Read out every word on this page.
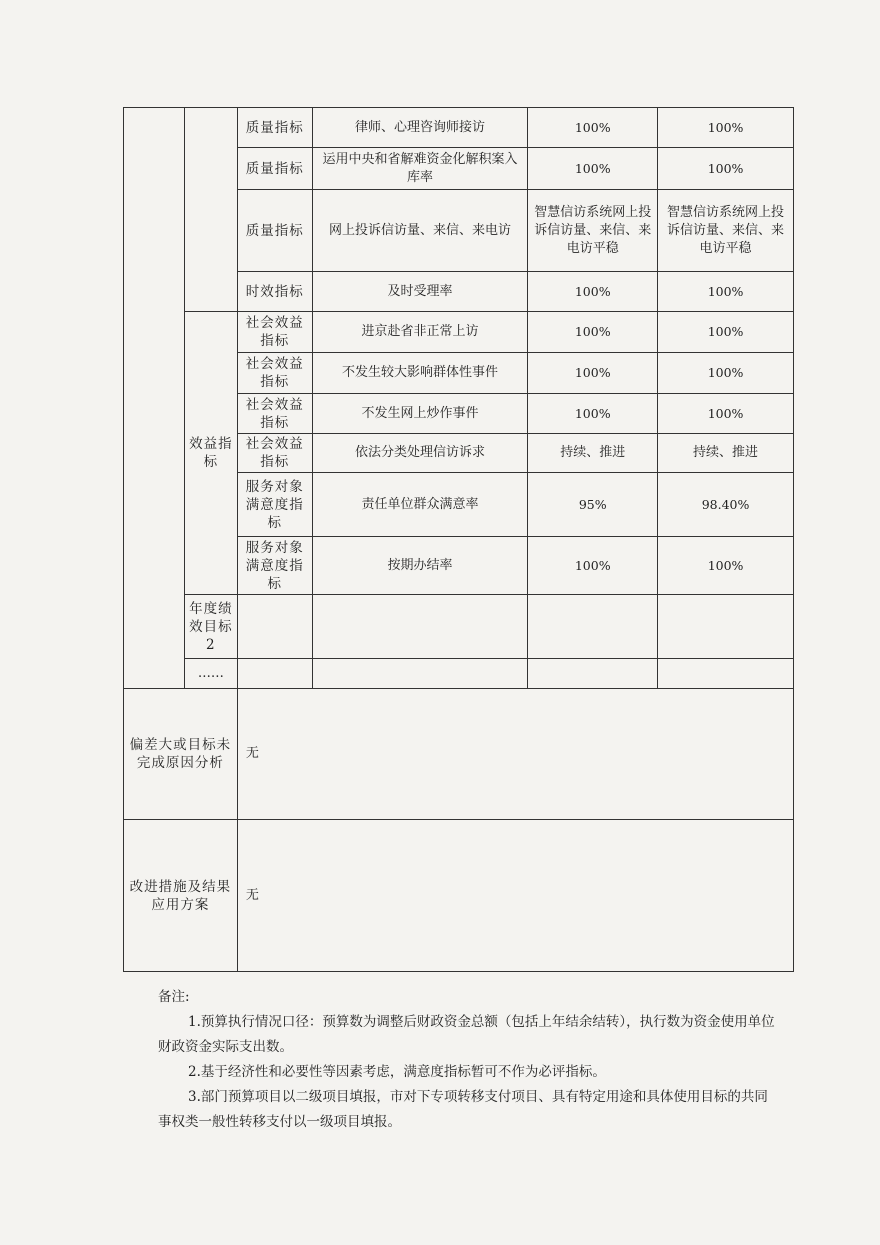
		质量指标	律师、心理咨询师接访	100%	100%
		质量指标	运用中央和省解难资金化解积案入库率	100%	100%
		质量指标	网上投诉信访量、来信、来电访	智慧信访系统网上投诉信访量、来信、来电访平稳	智慧信访系统网上投诉信访量、来信、来电访平稳
		时效指标	及时受理率	100%	100%
	效益指标	社会效益指标	进京赴省非正常上访	100%	100%
		社会效益指标	不发生较大影响群体性事件	100%	100%
		社会效益指标	不发生网上炒作事件	100%	100%
		社会效益指标	依法分类处理信访诉求	持续、推进	持续、推进
		服务对象满意度指标	责任单位群众满意率	95%	98.40%
		服务对象满意度指标	按期办结率	100%	100%
	年度绩效目标2				
	……				
偏差大或目标未完成原因分析		无			
改进措施及结果应用方案		无			

备注:

1.预算执行情况口径：预算数为调整后财政资金总额（包括上年结余结转），执行数为资金使用单位财政资金实际支出数。

2.基于经济性和必要性等因素考虑，满意度指标暂可不作为必评指标。

3.部门预算项目以二级项目填报，市对下专项转移支付项目、具有特定用途和具体使用目标的共同事权类一般性转移支付以一级项目填报。
